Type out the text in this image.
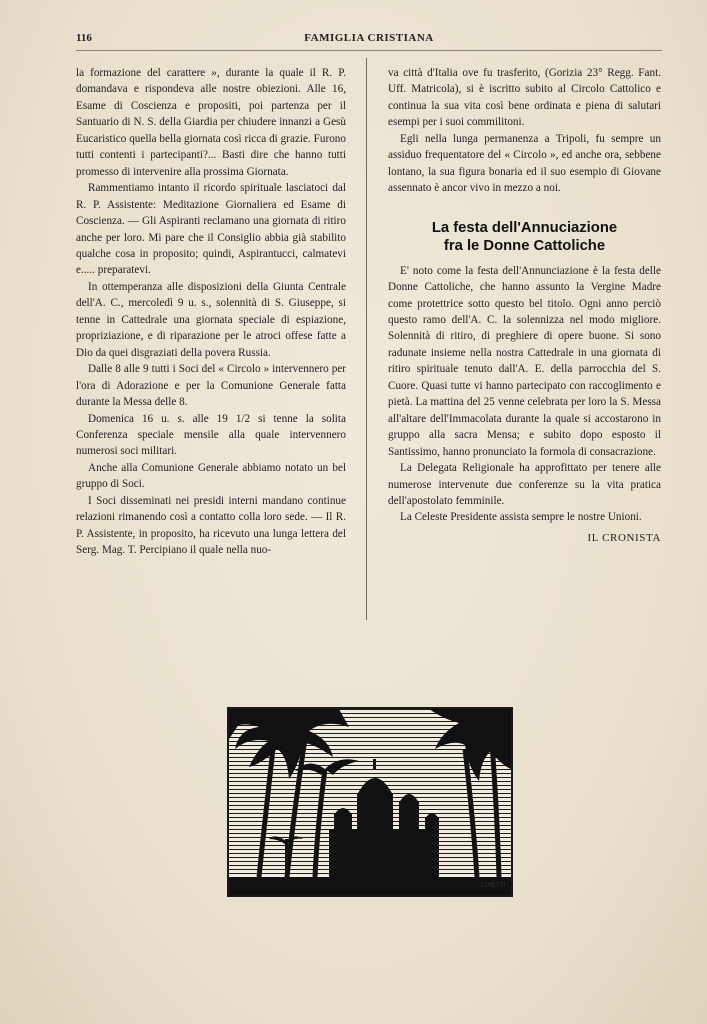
116	FAMIGLIA CRISTIANA

la formazione del carattere », durante la quale il R. P. domandava e rispondeva alle nostre obiezioni. Alle 16, Esame di Coscienza e propositi, poi partenza per il Santuario di N. S. della Giardia per chiudere innanzi a Gesù Eucaristico quella bella giornata così ricca di grazie. Furono tutti contenti i partecipanti?... Basti dire che hanno tutti promesso di intervenire alla prossima Giornata.

Rammentiamo intanto il ricordo spirituale lasciatoci dal R. P. Assistente: Meditazione Giornaliera ed Esame di Coscienza. — Gli Aspiranti reclamano una giornata di ritiro anche per loro. Mi pare che il Consiglio abbia già stabilito qualche cosa in proposito; quindi, Aspirantucci, calmatevi e..... preparatevi.

In ottemperanza alle disposizioni della Giunta Centrale dell'A. C., mercoledì 9 u. s., solennità di S. Giuseppe, si tenne in Cattedrale una giornata speciale di espiazione, propriziazione, e di riparazione per le atroci offese fatte a Dio da quei disgraziati della povera Russia.

Dalle 8 alle 9 tutti i Soci del « Circolo » intervennero per l'ora di Adorazione e per la Comunione Generale fatta durante la Messa delle 8.

Domenica 16 u. s. alle 19 1/2 si tenne la solita Conferenza speciale mensile alla quale intervennero numerosi soci militari.

Anche alla Comunione Generale abbiamo notato un bel gruppo di Soci.

I Soci disseminati nei presidi interni mandano continue relazioni rimanendo così a contatto colla loro sede. — Il R. P. Assistente, in proposito, ha ricevuto una lunga lettera del Serg. Mag. T. Percipiano il quale nella nuo-

va città d'Italia ove fu trasferito, (Gorizia 23° Regg. Fant. Uff. Matricola), si è iscritto subito al Circolo Cattolico e continua la sua vita così bene ordinata e piena di salutari esempi per i suoi commilitoni.

Egli nella lunga permanenza a Tripoli, fu sempre un assiduo frequentatore del « Circolo », ed anche ora, sebbene lontano, la sua figura bonaria ed il suo esempio di Giovane assennato è ancor vivo in mezzo a noi.

La festa dell'Annuciazione
fra le Donne Cattoliche

E' noto come la festa dell'Annunciazione è la festa delle Donne Cattoliche, che hanno assunto la Vergine Madre come protettrice sotto questo bel titolo. Ogni anno perciò questo ramo dell'A. C. la solennizza nel modo migliore. Solennità di ritiro, di preghiere di opere buone. Si sono radunate insieme nella nostra Cattedrale in una giornata di ritiro spirituale tenuto dall'A. E. della parrocchia del S. Cuore. Quasi tutte vi hanno partecipato con raccoglimento e pietà. La mattina del 25 venne celebrata per loro la S. Messa all'altare dell'Immacolata durante la quale si accostarono in gruppo alla sacra Mensa; e subito dopo esposto il Santissimo, hanno pronunciato la formola di consacrazione.

La Delegata Religionale ha approfittato per tenere alle numerose intervenute due conferenze su la vita pratica dell'apostolato femminile.

La Celeste Presidente assista sempre le nostre Unioni.

IL CRONISTA
ZANETTI
